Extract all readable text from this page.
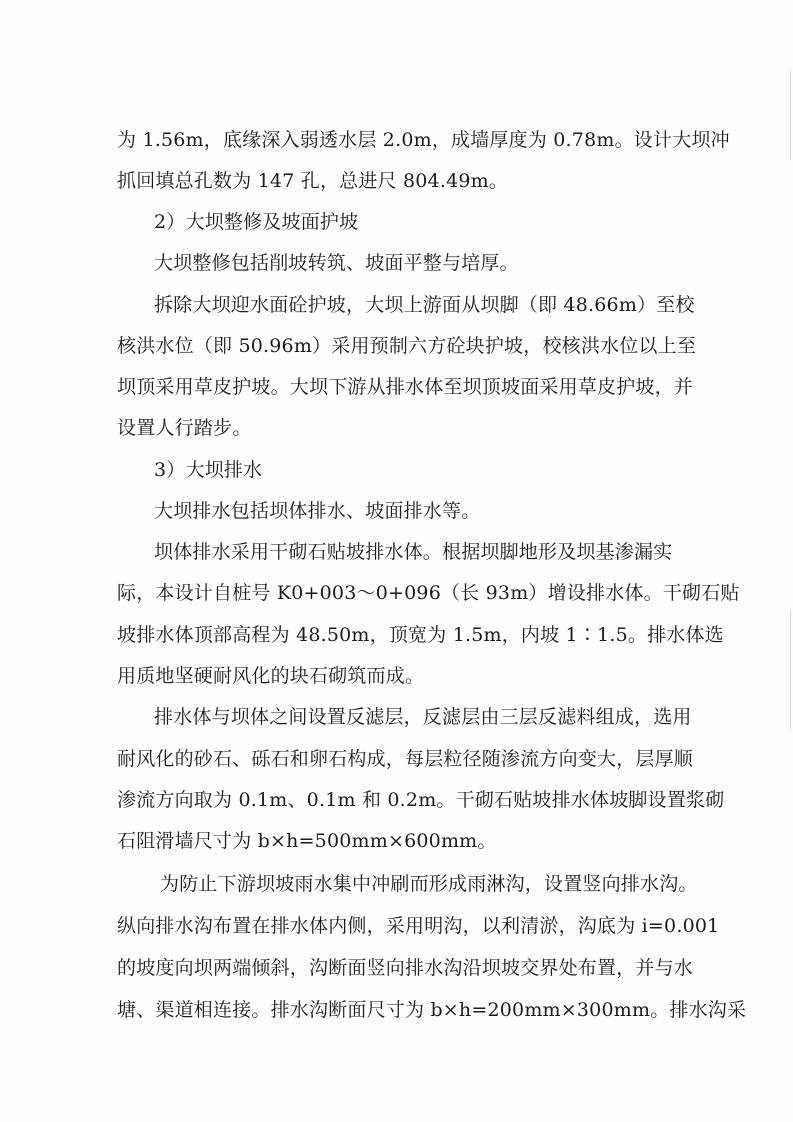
为 1.56m，底缘深入弱透水层 2.0m，成墙厚度为 0.78m。设计大坝冲
抓回填总孔数为 147 孔，总进尺 804.49m。
2）大坝整修及坡面护坡
大坝整修包括削坡转筑、坡面平整与培厚。
拆除大坝迎水面砼护坡，大坝上游面从坝脚（即 48.66m）至校
核洪水位（即 50.96m）采用预制六方砼块护坡，校核洪水位以上至
坝顶采用草皮护坡。大坝下游从排水体至坝顶坡面采用草皮护坡，并
设置人行踏步。
3）大坝排水
大坝排水包括坝体排水、坡面排水等。
坝体排水采用干砌石贴坡排水体。根据坝脚地形及坝基渗漏实
际，本设计自桩号 K0+003～0+096（长 93m）增设排水体。干砌石贴
坡排水体顶部高程为 48.50m，顶宽为 1.5m，内坡 1∶1.5。排水体选
用质地坚硬耐风化的块石砌筑而成。
排水体与坝体之间设置反滤层，反滤层由三层反滤料组成，选用
耐风化的砂石、砾石和卵石构成，每层粒径随渗流方向变大，层厚顺
渗流方向取为 0.1m、0.1m 和 0.2m。干砌石贴坡排水体坡脚设置浆砌
石阻滑墙尺寸为 b×h=500mm×600mm。
为防止下游坝坡雨水集中冲刷而形成雨淋沟，设置竖向排水沟。
纵向排水沟布置在排水体内侧，采用明沟，以利清淤，沟底为 i=0.001
的坡度向坝两端倾斜，沟断面竖向排水沟沿坝坡交界处布置，并与水
塘、渠道相连接。排水沟断面尺寸为 b×h=200mm×300mm。排水沟采
